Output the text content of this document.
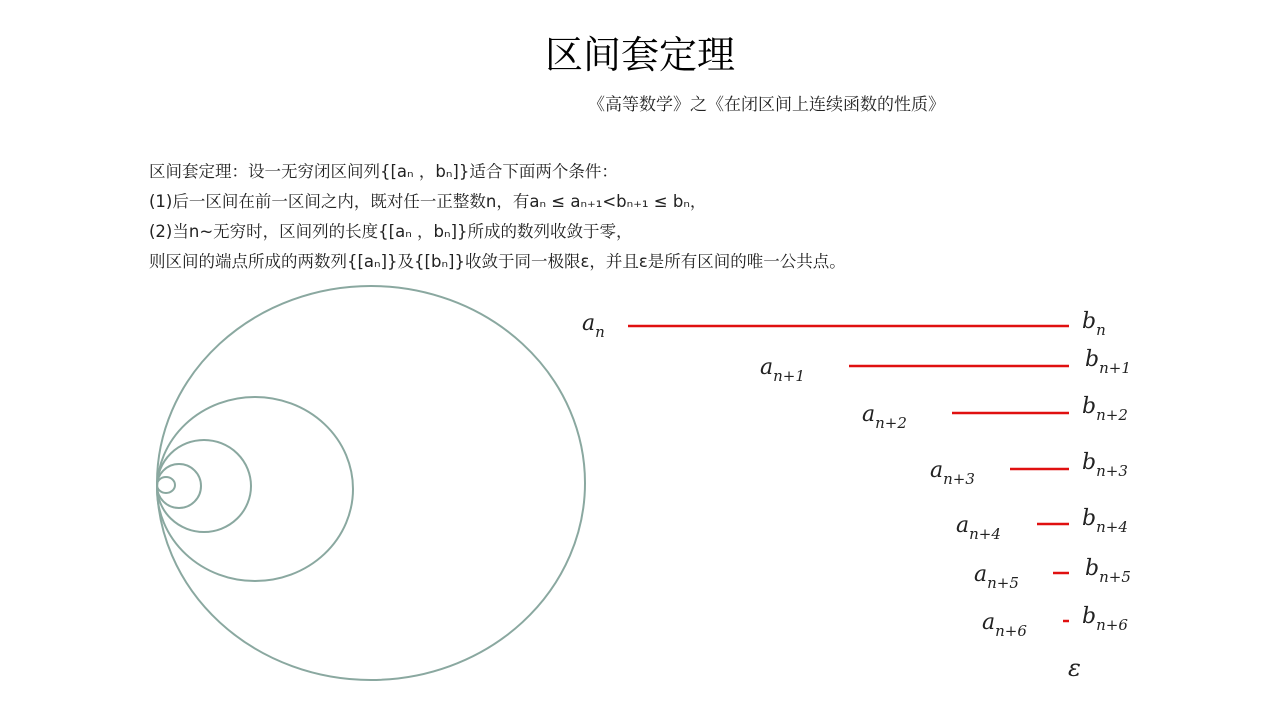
区间套定理
《高等数学》之《在闭区间上连续函数的性质》
区间套定理：设一无穷闭区间列{[aₙ ，bₙ]}适合下面两个条件：
(1)后一区间在前一区间之内，既对任一正整数n，有aₙ ≤ aₙ₊₁<bₙ₊₁ ≤ bₙ，
(2)当n~无穷时，区间列的长度{[aₙ ，bₙ]}所成的数列收敛于零，
则区间的端点所成的两数列{[aₙ]}及{[bₙ]}收敛于同一极限ε，并且ε是所有区间的唯一公共点。
$a_n$	$b_n$
$a_{n+1}$
$b_{n+1}$
$a_{n+2}$
$b_{n+2}$
$a_{n+3}$
$b_{n+3}$
$a_{n+4}$
$b_{n+4}$
$a_{n+5}$
$b_{n+5}$
$a_{n+6}$
$b_{n+6}$
ε
